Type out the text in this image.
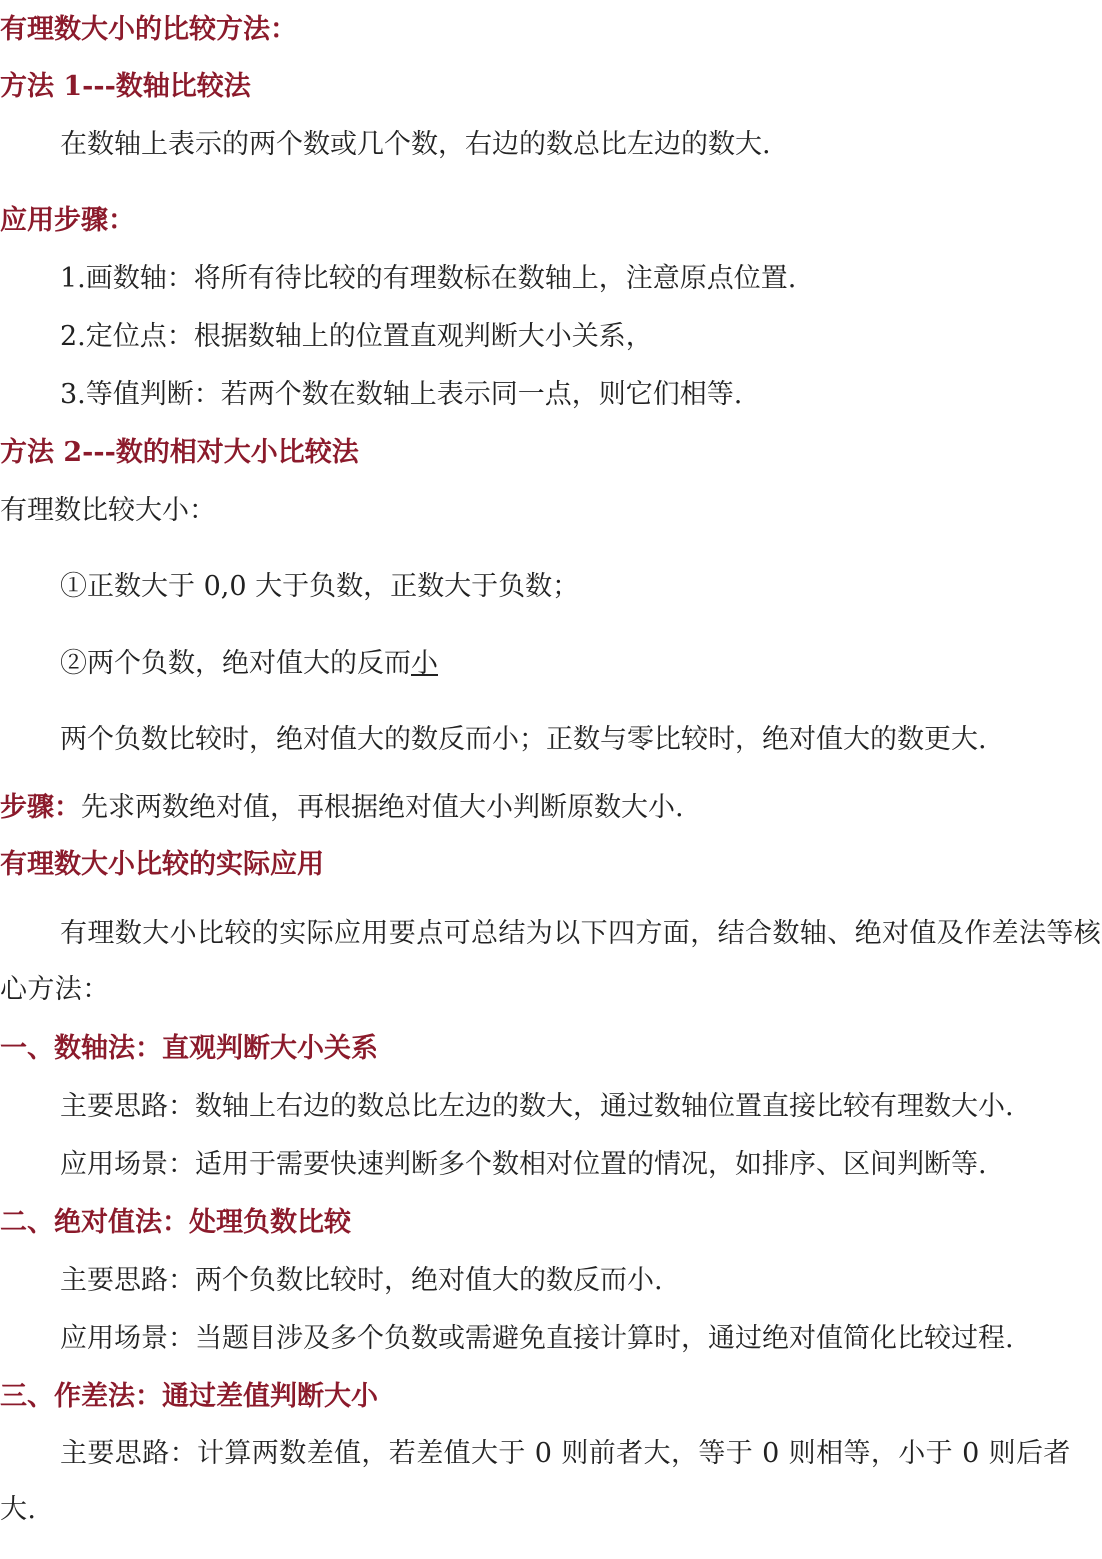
有理数大小的比较方法：
方法 1---数轴比较法
在数轴上表示的两个数或几个数，右边的数总比左边的数大.
应用步骤：
1.画数轴：将所有待比较的有理数标在数轴上，注意原点位置.
2.定位点：根据数轴上的位置直观判断大小关系，
3.等值判断：若两个数在数轴上表示同一点，则它们相等.
方法 2---数的相对大小比较法
有理数比较大小：
①正数大于 0,0 大于负数，正数大于负数；
②两个负数，绝对值大的反而小
两个负数比较时，绝对值大的数反而小；正数与零比较时，绝对值大的数更大.
步骤：先求两数绝对值，再根据绝对值大小判断原数大小.
有理数大小比较的实际应用
有理数大小比较的实际应用要点可总结为以下四方面，结合数轴、绝对值及作差法等核心方法：
一、数轴法：直观判断大小关系
主要思路：数轴上右边的数总比左边的数大，通过数轴位置直接比较有理数大小.
应用场景：适用于需要快速判断多个数相对位置的情况，如排序、区间判断等.
二、绝对值法：处理负数比较
主要思路：两个负数比较时，绝对值大的数反而小.
应用场景：当题目涉及多个负数或需避免直接计算时，通过绝对值简化比较过程.
三、作差法：通过差值判断大小
主要思路：计算两数差值，若差值大于 0 则前者大，等于 0 则相等，小于 0 则后者大.
